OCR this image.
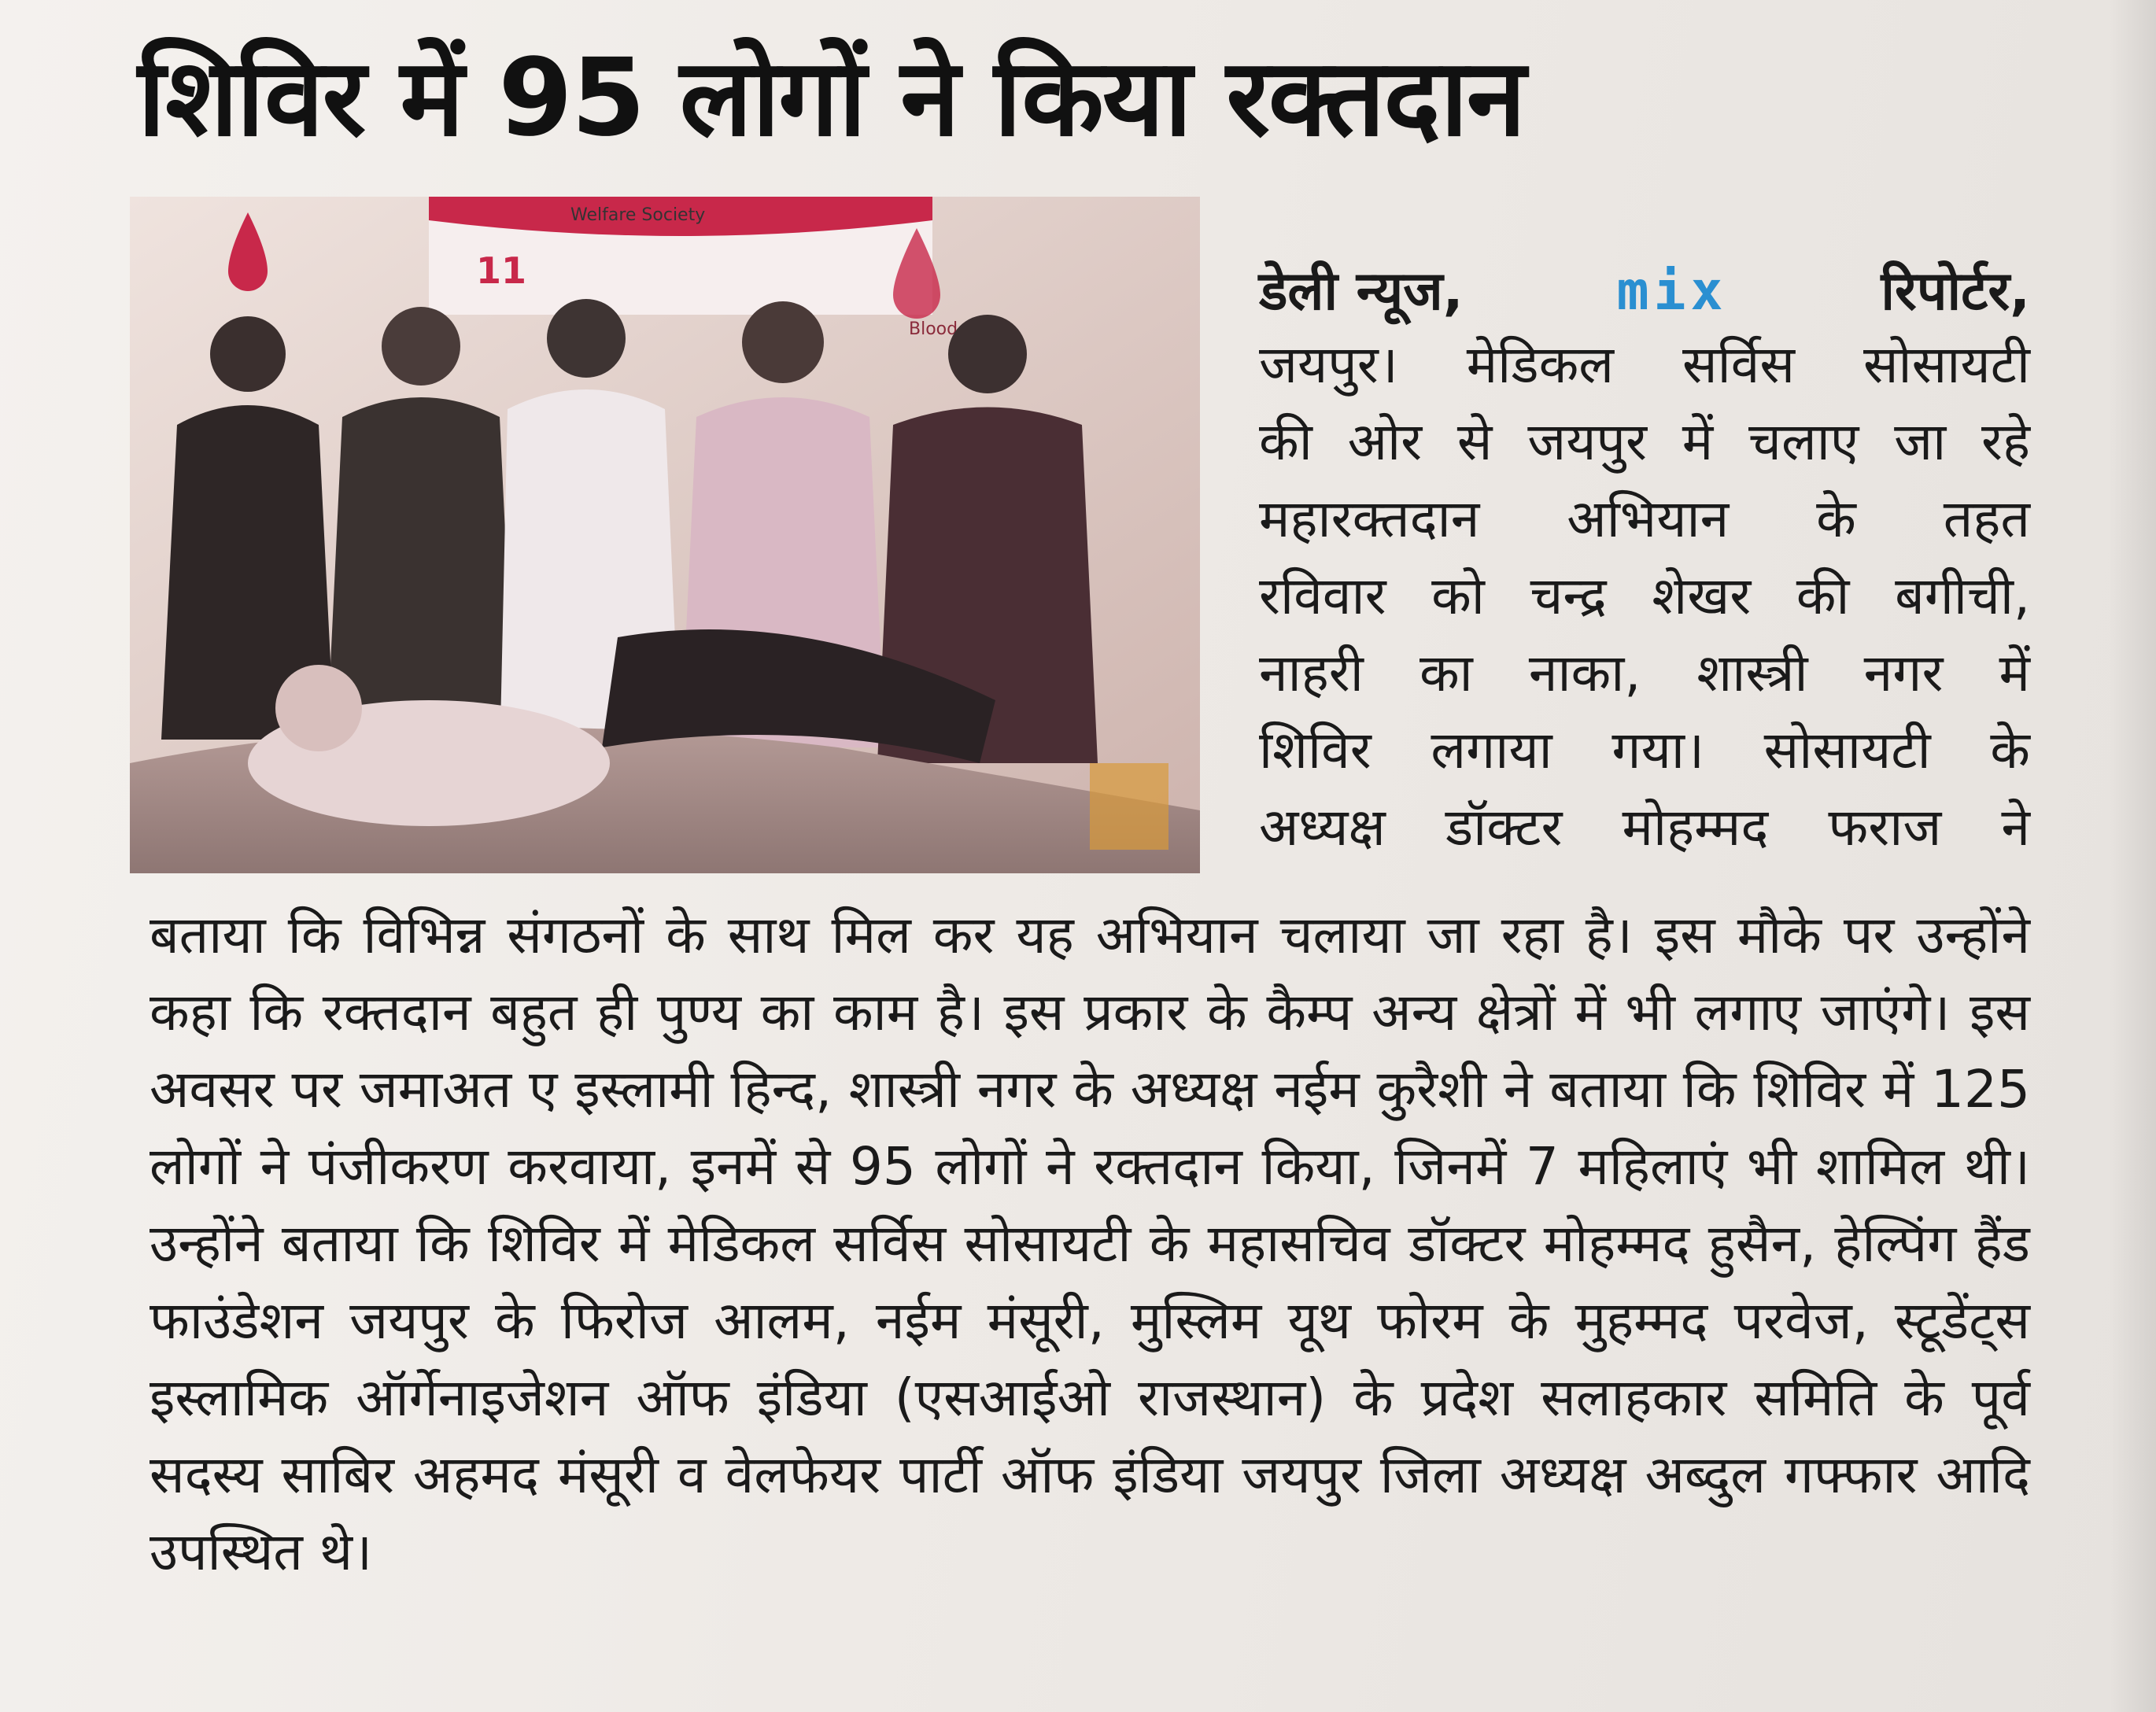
शिविर में 95 लोगों ने किया रक्तदान
Welfare Society
11
Blood
डेली न्यूज,	mix	रिपोर्टर,
जयपुर। मेडिकल सर्विस सोसायटी
की ओर से जयपुर में चलाए जा रहे
महारक्तदान अभियान के तहत
रविवार को चन्द्र शेखर की बगीची,
नाहरी का नाका, शास्त्री नगर में
शिविर लगाया गया। सोसायटी के
अध्यक्ष डॉक्टर मोहम्मद फराज ने

बताया कि विभिन्न संगठनों के साथ मिल कर यह अभियान चलाया जा रहा है। इस मौके पर उन्होंने कहा कि रक्तदान बहुत ही पुण्य का काम है। इस प्रकार के कैम्प अन्य क्षेत्रों में भी लगाए जाएंगे। इस अवसर पर जमाअत ए इस्लामी हिन्द, शास्त्री नगर के अध्यक्ष नईम कुरैशी ने बताया कि शिविर में 125 लोगों ने पंजीकरण करवाया, इनमें से 95 लोगों ने रक्तदान किया, जिनमें 7 महिलाएं भी शामिल थी। उन्होंने बताया कि शिविर में मेडिकल सर्विस सोसायटी के महासचिव डॉक्टर मोहम्मद हुसैन, हेल्पिंग हैंड फाउंडेशन जयपुर के फिरोज आलम, नईम मंसूरी, मुस्लिम यूथ फोरम के मुहम्मद परवेज, स्टूडेंट्स इस्लामिक ऑर्गेनाइजेशन ऑफ इंडिया (एसआईओ राजस्थान) के प्रदेश सलाहकार समिति के पूर्व सदस्य साबिर अहमद मंसूरी व वेलफेयर पार्टी ऑफ इंडिया जयपुर जिला अध्यक्ष अब्दुल गफ्फार आदि उपस्थित थे।
